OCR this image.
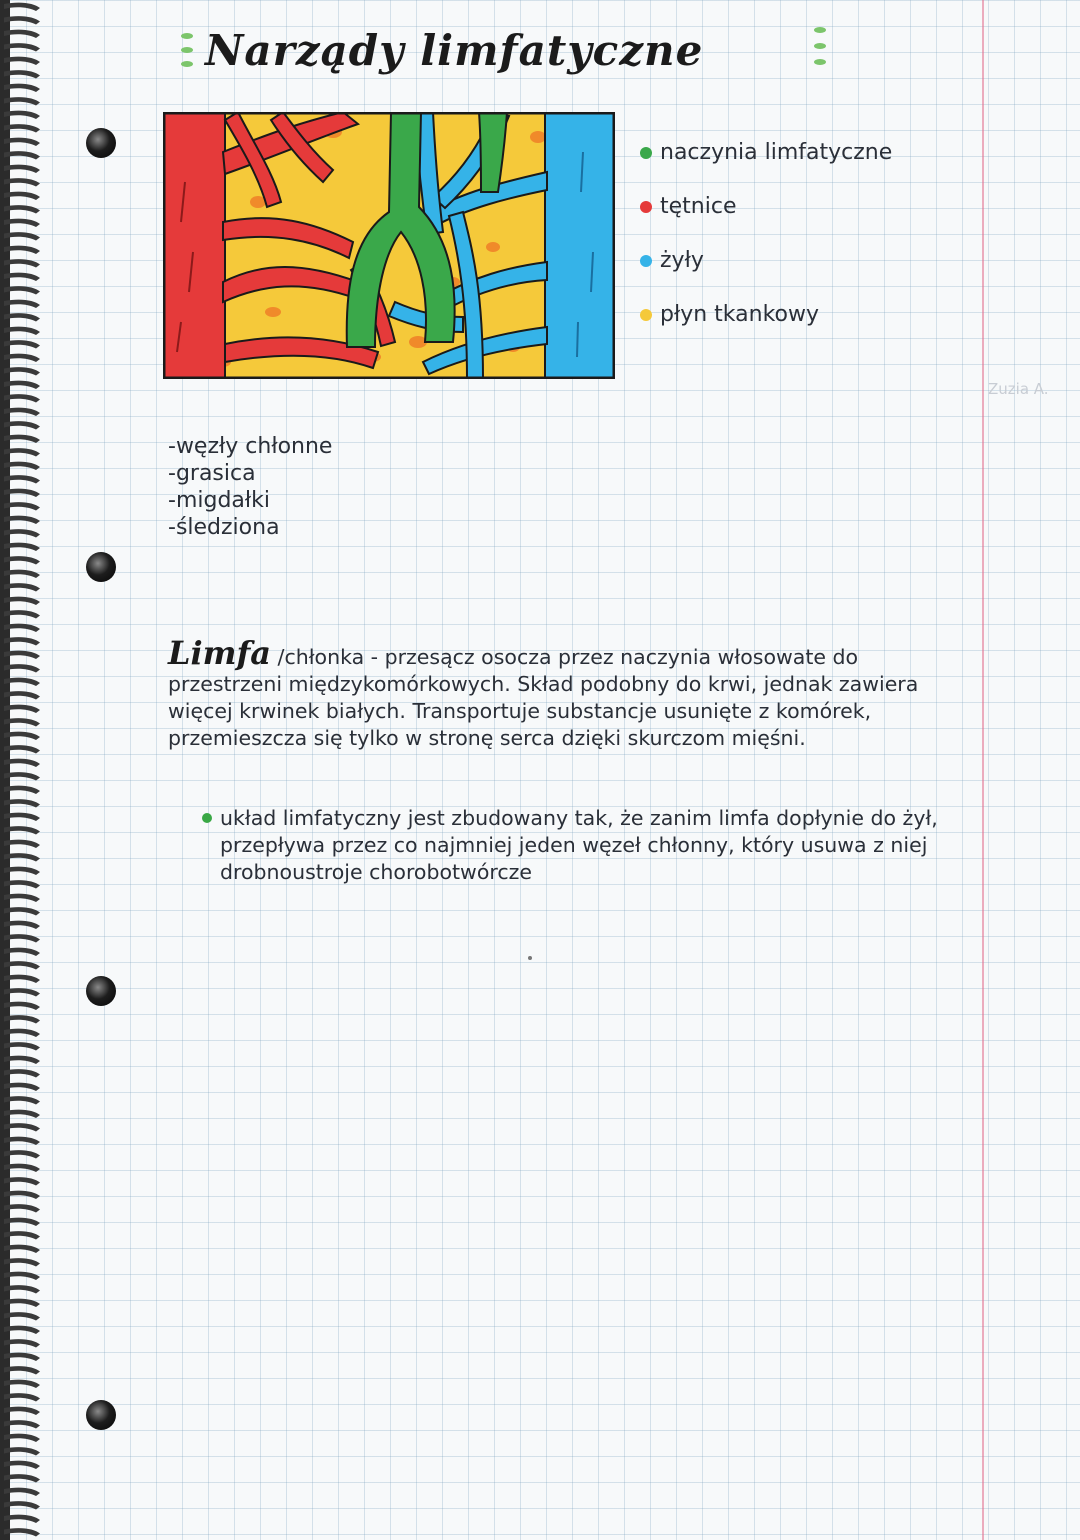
Narządy limfatyczne
naczynia limfatyczne
tętnice
żyły
płyn tkankowy
Zuzia A.
-węzły chłonne
-grasica
-migdałki
-śledziona
Limfa /chłonka - przesącz osocza przez naczynia włosowate do przestrzeni międzykomórkowych. Skład podobny do krwi, jednak zawiera więcej krwinek białych. Transportuje substancje usunięte z komórek, przemieszcza się tylko w stronę serca dzięki skurczom mięśni.
układ limfatyczny jest zbudowany tak, że zanim limfa dopłynie do żył, przepływa przez co najmniej jeden węzeł chłonny, który usuwa z niej drobnoustroje chorobotwórcze
